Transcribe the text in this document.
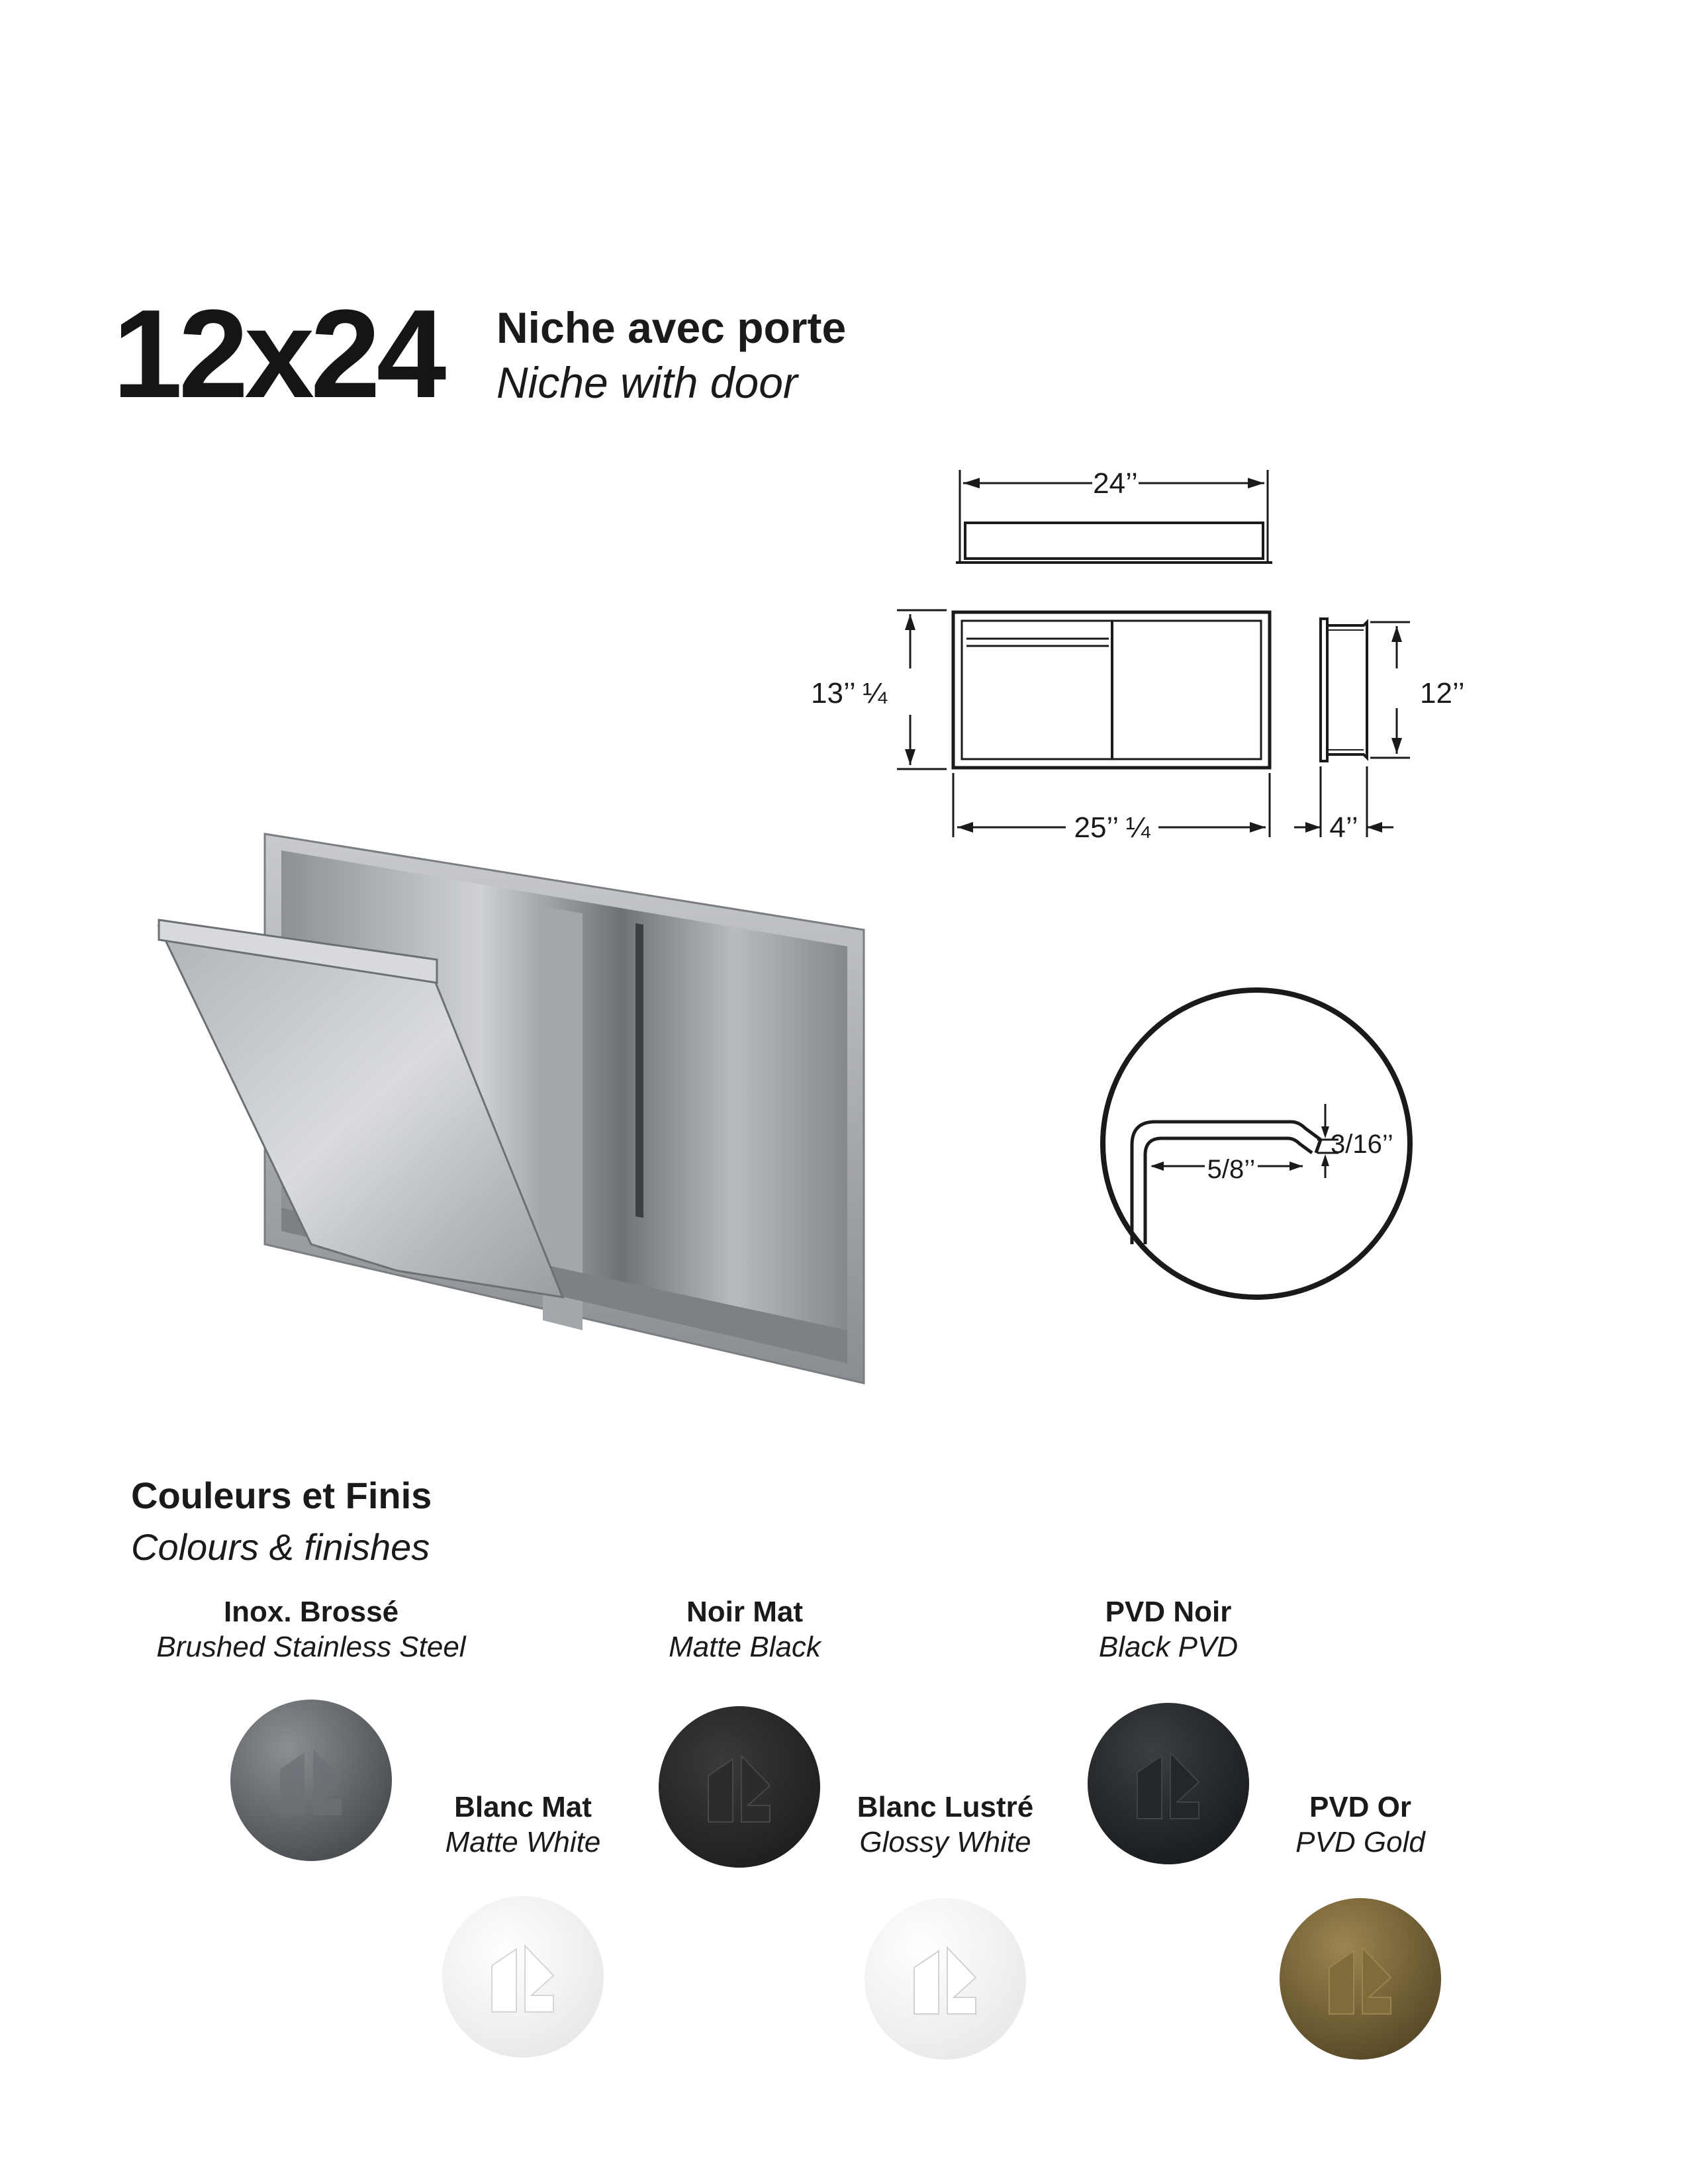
12x24 Niche avec porte
Niche with door
24’’
13’’ ¼
25’’ ¼
12’’
4’’
3/16’’
5/8’’
Couleurs et Finis
Colours & finishes
Inox. Brossé
Brushed Stainless Steel
Blanc Mat
Matte White
Noir Mat
Matte Black
Blanc Lustré
Glossy White
PVD Noir
Black PVD
PVD Or
PVD Gold
